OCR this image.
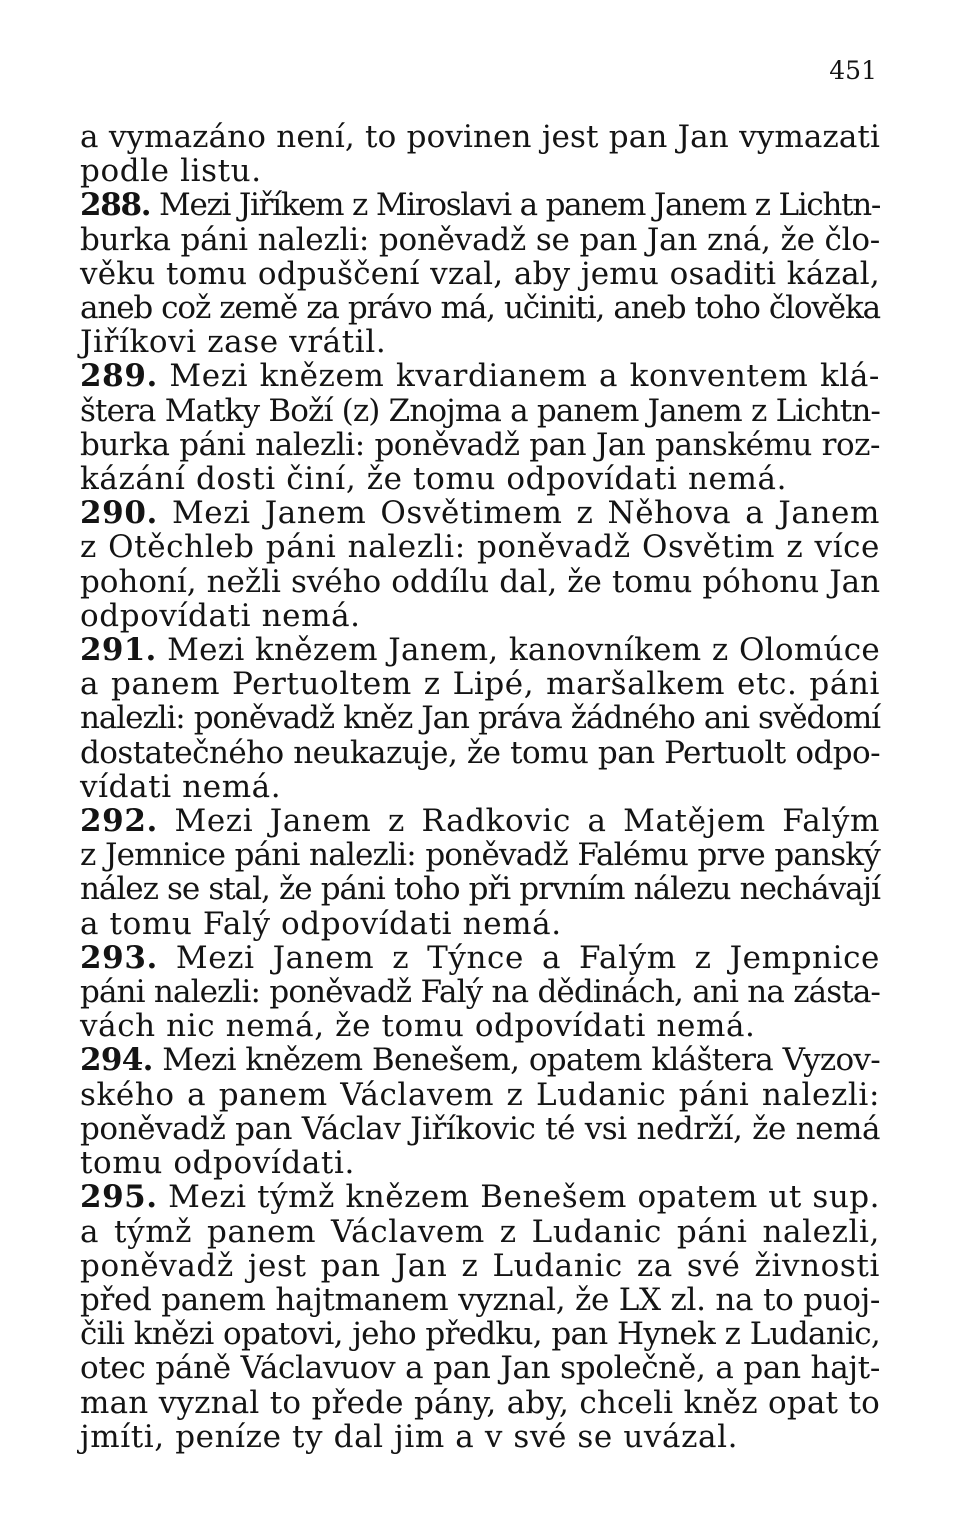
451
a vymazáno není, to povinen jest pan Jan vymazati
podle listu.
288. Mezi Jiříkem z Miroslavi a panem Janem z Lichtn-
burka páni nalezli: poněvadž se pan Jan zná, že člo-
věku tomu odpuščení vzal, aby jemu osaditi kázal,
aneb což země za právo má, učiniti, aneb toho člověka
Jiříkovi zase vrátil.
289. Mezi knězem kvardianem a konventem klá-
štera Matky Boží (z) Znojma a panem Janem z Lichtn-
burka páni nalezli: poněvadž pan Jan panskému roz-
kázání dosti činí, že tomu odpovídati nemá.
290. Mezi Janem Osvětimem z Něhova a Janem
z Otěchleb páni nalezli: poněvadž Osvětim z více
pohoní, nežli svého oddílu dal, že tomu póhonu Jan
odpovídati nemá.
291. Mezi knězem Janem, kanovníkem z Olomúce
a panem Pertuoltem z Lipé, maršalkem etc. páni
nalezli: poněvadž kněz Jan práva žádného ani svědomí
dostatečného neukazuje, že tomu pan Pertuolt odpo-
vídati nemá.
292. Mezi Janem z Radkovic a Matějem Falým
z Jemnice páni nalezli: poněvadž Falému prve panský
nález se stal, že páni toho při prvním nálezu nechávají
a tomu Falý odpovídati nemá.
293. Mezi Janem z Týnce a Falým z Jempnice
páni nalezli: poněvadž Falý na dědinách, ani na zásta-
vách nic nemá, že tomu odpovídati nemá.
294. Mezi knězem Benešem, opatem kláštera Vyzov-
ského a panem Václavem z Ludanic páni nalezli:
poněvadž pan Václav Jiříkovic té vsi nedrží, že nemá
tomu odpovídati.
295. Mezi týmž knězem Benešem opatem ut sup.
a týmž panem Václavem z Ludanic páni nalezli,
poněvadž jest pan Jan z Ludanic za své živnosti
před panem hajtmanem vyznal, že LX zl. na to puoj-
čili knězi opatovi, jeho předku, pan Hynek z Ludanic,
otec páně Václavuov a pan Jan společně, a pan hajt-
man vyznal to přede pány, aby, chceli kněz opat to
jmíti, peníze ty dal jim a v své se uvázal.
